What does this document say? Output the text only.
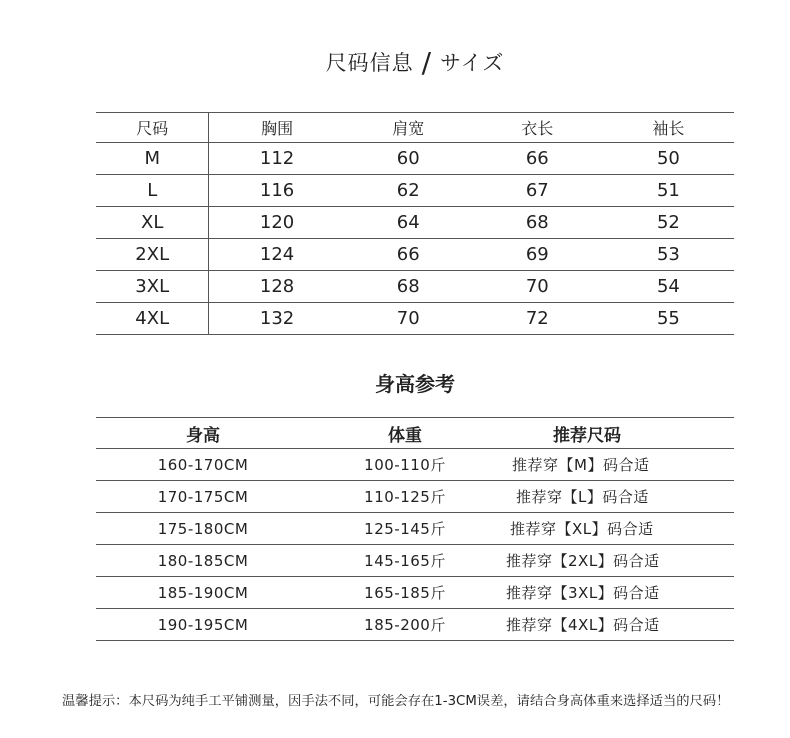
尺码信息 / サイズ
尺码	胸围	肩宽	衣长	袖长
M	112	60	66	50
L	116	62	67	51
XL	120	64	68	52
2XL	124	66	69	53
3XL	128	68	70	54
4XL	132	70	72	55
身高参考
身高	体重	推荐尺码	
160-170CM	100-110斤	推荐穿【M】码合适	
170-175CM	110-125斤	推荐穿【L】码合适	
175-180CM	125-145斤	推荐穿【XL】码合适	
180-185CM	145-165斤	推荐穿【2XL】码合适	
185-190CM	165-185斤	推荐穿【3XL】码合适	
190-195CM	185-200斤	推荐穿【4XL】码合适	
温馨提示：本尺码为纯手工平铺测量，因手法不同，可能会存在1-3CM误差，请结合身高体重来选择适当的尺码！
